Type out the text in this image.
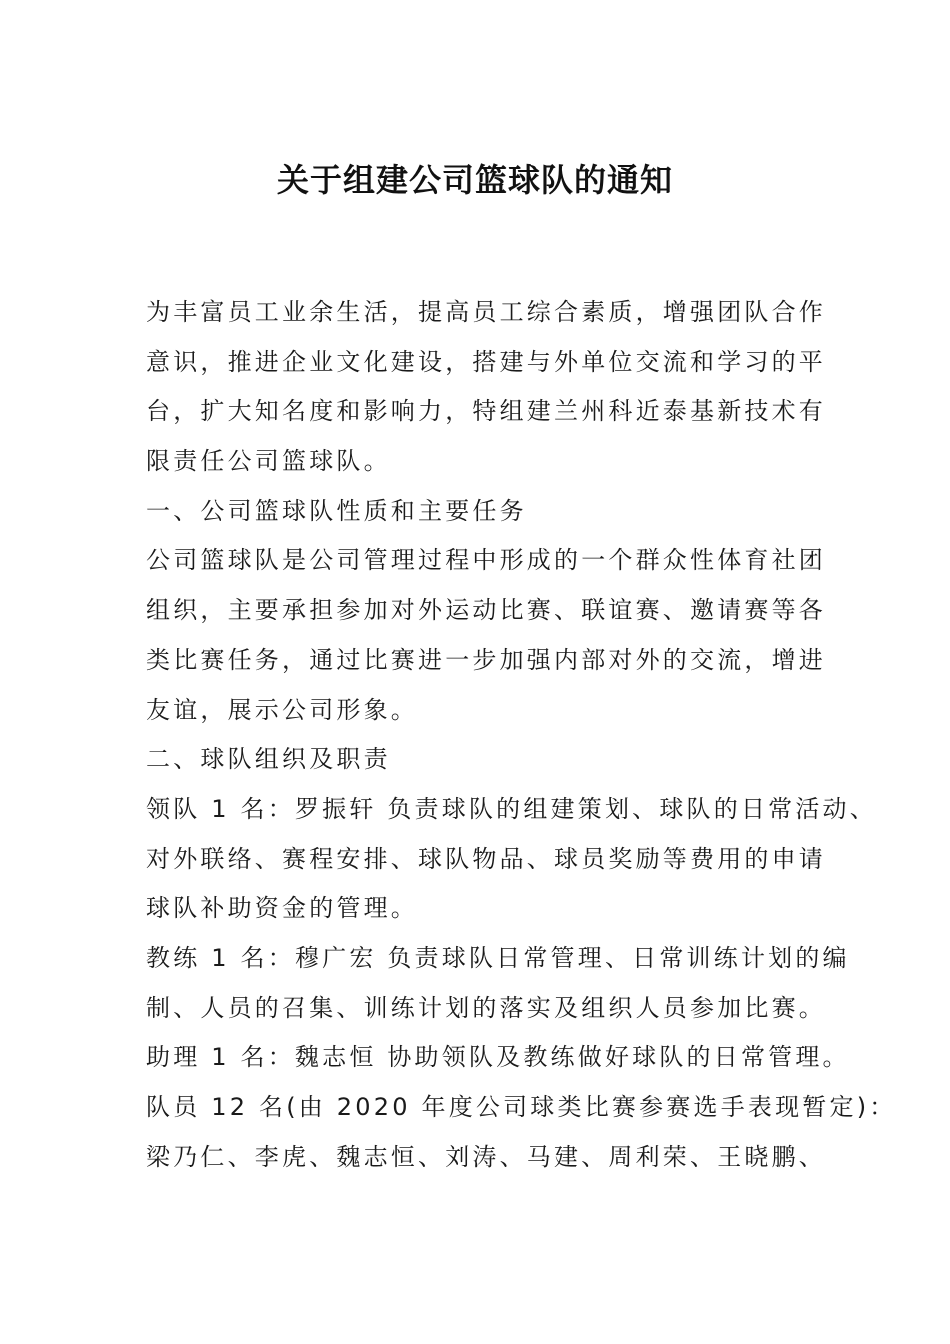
关于组建公司篮球队的通知
为丰富员工业余生活，提高员工综合素质，增强团队合作
意识，推进企业文化建设，搭建与外单位交流和学习的平
台，扩大知名度和影响力，特组建兰州科近泰基新技术有
限责任公司篮球队。
一、公司篮球队性质和主要任务
公司篮球队是公司管理过程中形成的一个群众性体育社团
组织，主要承担参加对外运动比赛、联谊赛、邀请赛等各
类比赛任务，通过比赛进一步加强内部对外的交流，增进
友谊，展示公司形象。
二、球队组织及职责
领队 1 名：罗振轩 负责球队的组建策划、球队的日常活动、
对外联络、赛程安排、球队物品、球员奖励等费用的申请
球队补助资金的管理。
教练 1 名：穆广宏 负责球队日常管理、日常训练计划的编
制、人员的召集、训练计划的落实及组织人员参加比赛。
助理 1 名：魏志恒 协助领队及教练做好球队的日常管理。
队员 12 名(由 2020 年度公司球类比赛参赛选手表现暂定)：
梁乃仁、李虎、魏志恒、刘涛、马建、周利荣、王晓鹏、
